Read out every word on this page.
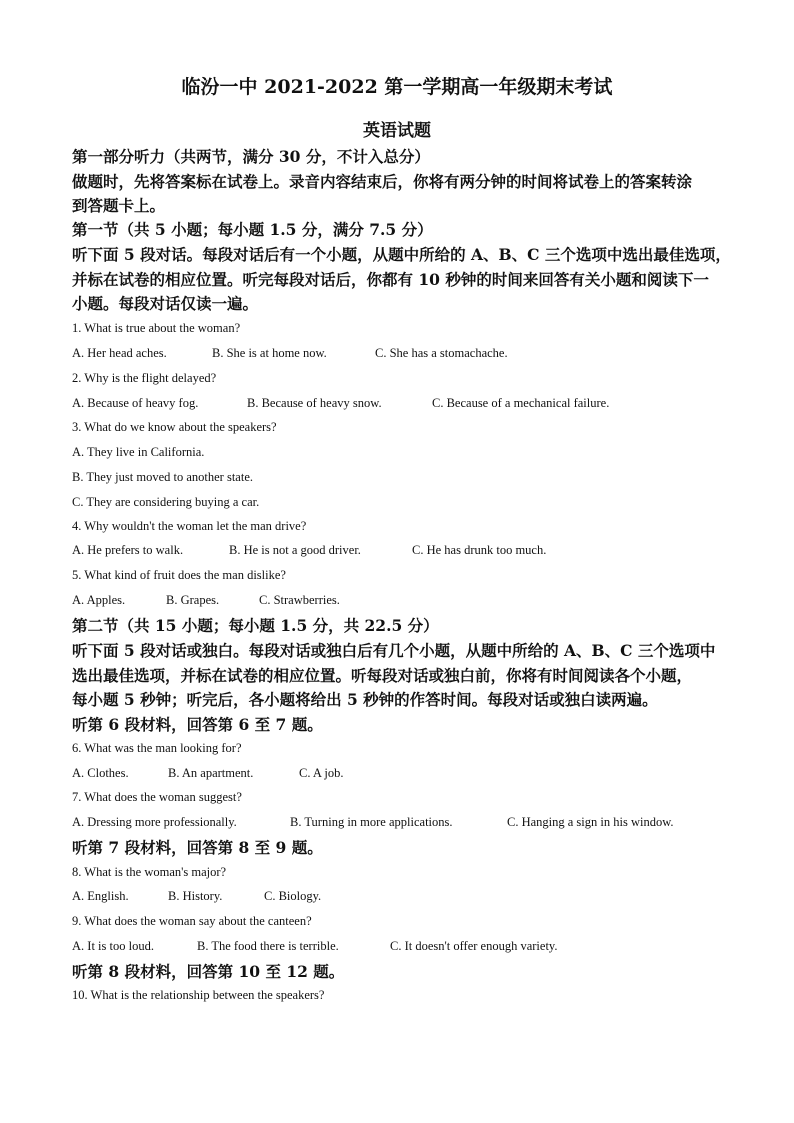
临汾一中 2021-2022 第一学期高一年级期末考试
英语试题
第一部分听力（共两节，满分 30 分，不计入总分）
做题时，先将答案标在试卷上。录音内容结束后，你将有两分钟的时间将试卷上的答案转涂
到答题卡上。
第一节（共 5 小题；每小题 1.5 分，满分 7.5 分）
听下面 5 段对话。每段对话后有一个小题，从题中所给的 A、B、C 三个选项中选出最佳选项，
并标在试卷的相应位置。听完每段对话后，你都有 10 秒钟的时间来回答有关小题和阅读下一
小题。每段对话仅读一遍。
1. What is true about the woman?
A. Her head aches.	B. She is at home now.	C. She has a stomachache.
2. Why is the flight delayed?
A. Because of heavy fog.	B. Because of heavy snow.	C. Because of a mechanical failure.
3. What do we know about the speakers?
A. They live in California.
B. They just moved to another state.
C. They are considering buying a car.
4. Why wouldn't the woman let the man drive?
A. He prefers to walk.	B. He is not a good driver.	C. He has drunk too much.
5. What kind of fruit does the man dislike?
A. Apples.	B. Grapes.	C. Strawberries.
第二节（共 15 小题；每小题 1.5 分，共 22.5 分）
听下面 5 段对话或独白。每段对话或独白后有几个小题，从题中所给的 A、B、C 三个选项中
选出最佳选项，并标在试卷的相应位置。听每段对话或独白前，你将有时间阅读各个小题，
每小题 5 秒钟；听完后，各小题将给出 5 秒钟的作答时间。每段对话或独白读两遍。
听第 6 段材料，回答第 6 至 7 题。
6. What was the man looking for?
A. Clothes.	B. An apartment.	C. A job.
7. What does the woman suggest?
A. Dressing more professionally.	B. Turning in more applications.	C. Hanging a sign in his window.
听第 7 段材料，回答第 8 至 9 题。
8. What is the woman's major?
A. English.	B. History.	C. Biology.
9. What does the woman say about the canteen?
A. It is too loud.	B. The food there is terrible.	C. It doesn't offer enough variety.
听第 8 段材料，回答第 10 至 12 题。
10. What is the relationship between the speakers?
